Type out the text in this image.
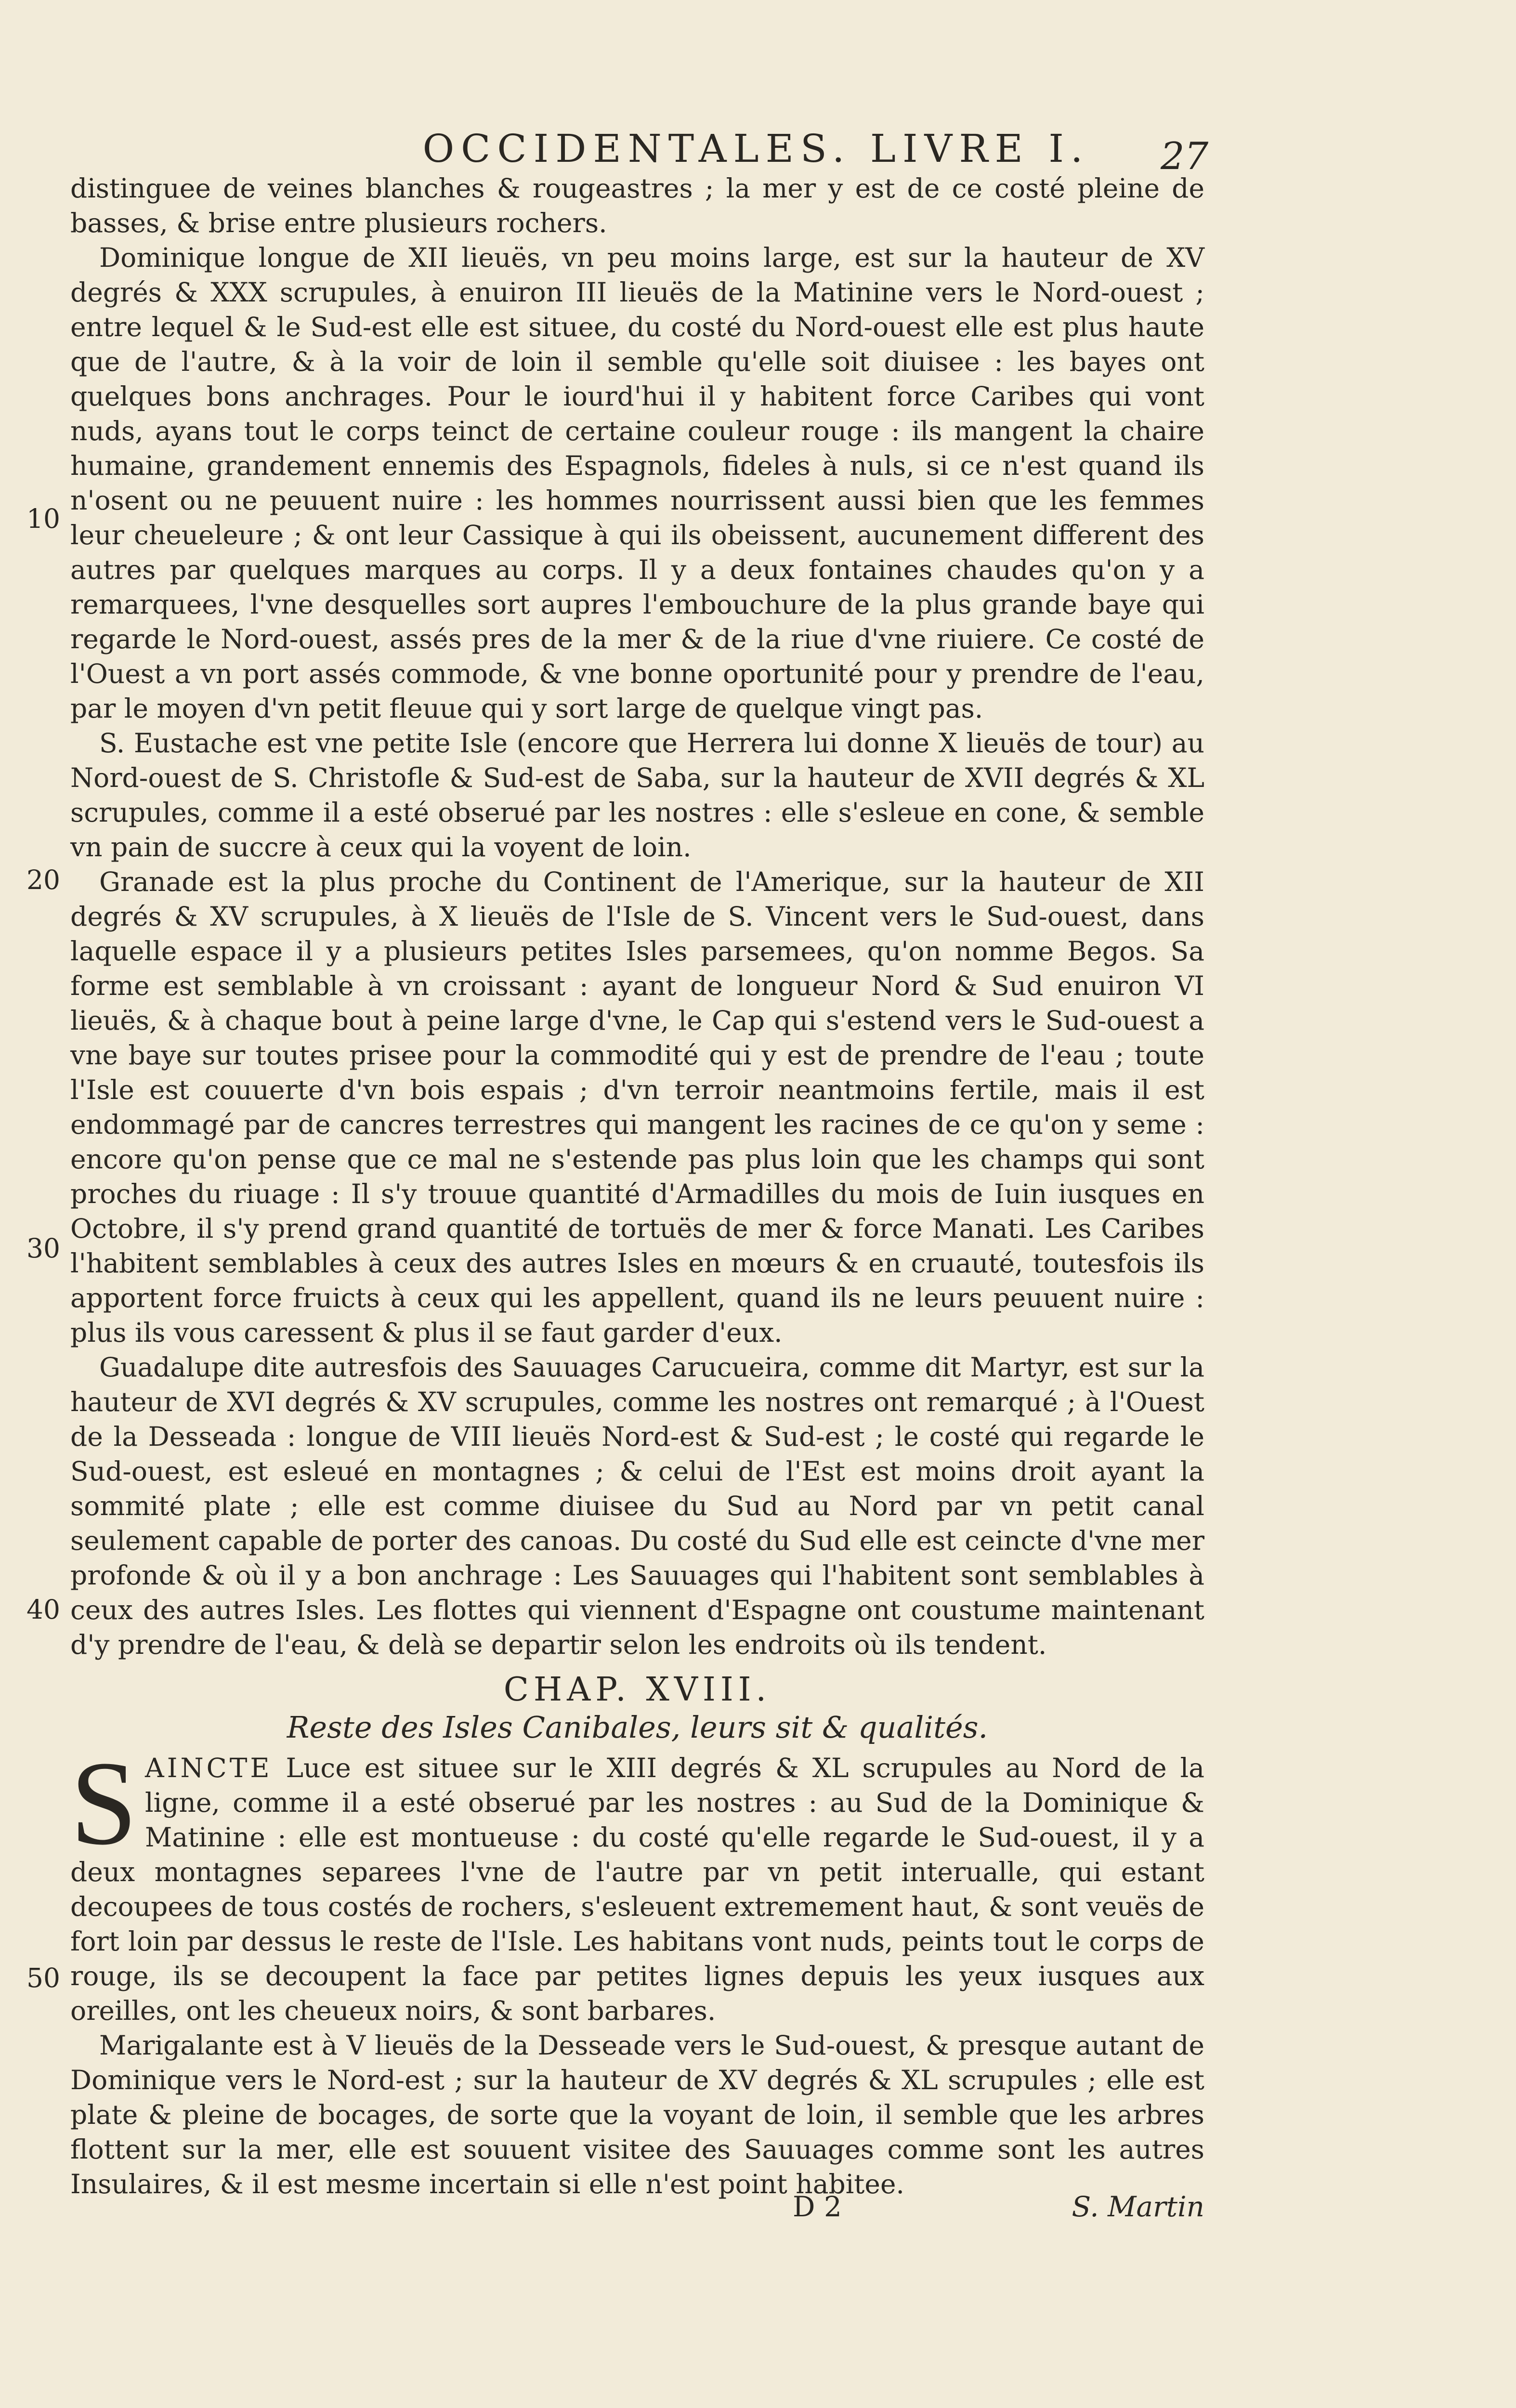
OCCIDENTALES. LIVRE I.	27
10
20
30
40
50

distinguee de veines blanches & rougeastres ; la mer y est de ce costé pleine de basses, & brise entre plusieurs rochers.

Dominique longue de XII lieuës, vn peu moins large, est sur la hauteur de XV degrés & XXX scrupules, à enuiron III lieuës de la Matinine vers le Nord-ouest ; entre lequel & le Sud-est elle est situee, du costé du Nord-ouest elle est plus haute que de l'autre, & à la voir de loin il semble qu'elle soit diuisee : les bayes ont quelques bons anchrages. Pour le iourd'hui il y habitent force Caribes qui vont nuds, ayans tout le corps teinct de certaine couleur rouge : ils mangent la chaire humaine, grandement ennemis des Espagnols, fideles à nuls, si ce n'est quand ils n'osent ou ne peuuent nuire : les hommes nourrissent aussi bien que les femmes leur cheueleure ; & ont leur Cassique à qui ils obeissent, aucunement different des autres par quelques marques au corps. Il y a deux fontaines chaudes qu'on y a remarquees, l'vne desquelles sort aupres l'embouchure de la plus grande baye qui regarde le Nord-ouest, assés pres de la mer & de la riue d'vne riuiere. Ce costé de l'Ouest a vn port assés commode, & vne bonne oportunité pour y prendre de l'eau, par le moyen d'vn petit fleuue qui y sort large de quelque vingt pas.

S. Eustache est vne petite Isle (encore que Herrera lui donne X lieuës de tour) au Nord-ouest de S. Christofle & Sud-est de Saba, sur la hauteur de XVII degrés & XL scrupules, comme il a esté obserué par les nostres : elle s'esleue en cone, & semble vn pain de succre à ceux qui la voyent de loin.

Granade est la plus proche du Continent de l'Amerique, sur la hauteur de XII degrés & XV scrupules, à X lieuës de l'Isle de S. Vincent vers le Sud-ouest, dans laquelle espace il y a plusieurs petites Isles parsemees, qu'on nomme Begos. Sa forme est semblable à vn croissant : ayant de longueur Nord & Sud enuiron VI lieuës, & à chaque bout à peine large d'vne, le Cap qui s'estend vers le Sud-ouest a vne baye sur toutes prisee pour la commodité qui y est de prendre de l'eau ; toute l'Isle est couuerte d'vn bois espais ; d'vn terroir neantmoins fertile, mais il est endommagé par de cancres terrestres qui mangent les racines de ce qu'on y seme : encore qu'on pense que ce mal ne s'estende pas plus loin que les champs qui sont proches du riuage : Il s'y trouue quantité d'Armadilles du mois de Iuin iusques en Octobre, il s'y prend grand quantité de tortuës de mer & force Manati. Les Caribes l'habitent semblables à ceux des autres Isles en mœurs & en cruauté, toutesfois ils apportent force fruicts à ceux qui les appellent, quand ils ne leurs peuuent nuire : plus ils vous caressent & plus il se faut garder d'eux.

Guadalupe dite autresfois des Sauuages Carucueira, comme dit Martyr, est sur la hauteur de XVI degrés & XV scrupules, comme les nostres ont remarqué ; à l'Ouest de la Desseada : longue de VIII lieuës Nord-est & Sud-est ; le costé qui regarde le Sud-ouest, est esleué en montagnes ; & celui de l'Est est moins droit ayant la sommité plate ; elle est comme diuisee du Sud au Nord par vn petit canal seulement capable de porter des canoas. Du costé du Sud elle est ceincte d'vne mer profonde & où il y a bon anchrage : Les Sauuages qui l'habitent sont semblables à ceux des autres Isles. Les flottes qui viennent d'Espagne ont coustume maintenant d'y prendre de l'eau, & delà se departir selon les endroits où ils tendent.

CHAP. XVIII.
Reste des Isles Canibales, leurs sit & qualités.

S AINCTE Luce est situee sur le XIII degrés & XL scrupules au Nord de la ligne, comme il a esté obserué par les nostres : au Sud de la Dominique & Matinine : elle est montueuse : du costé qu'elle regarde le Sud-ouest, il y a deux montagnes separees l'vne de l'autre par vn petit interualle, qui estant decoupees de tous costés de rochers, s'esleuent extremement haut, & sont veuës de fort loin par dessus le reste de l'Isle. Les habitans vont nuds, peints tout le corps de rouge, ils se decoupent la face par petites lignes depuis les yeux iusques aux oreilles, ont les cheueux noirs, & sont barbares.

Marigalante est à V lieuës de la Desseade vers le Sud-ouest, & presque autant de Dominique vers le Nord-est ; sur la hauteur de XV degrés & XL scrupules ; elle est plate & pleine de bocages, de sorte que la voyant de loin, il semble que les arbres flottent sur la mer, elle est souuent visitee des Sauuages comme sont les autres Insulaires, & il est mesme incertain si elle n'est point habitee.

D 2	S. Martin
